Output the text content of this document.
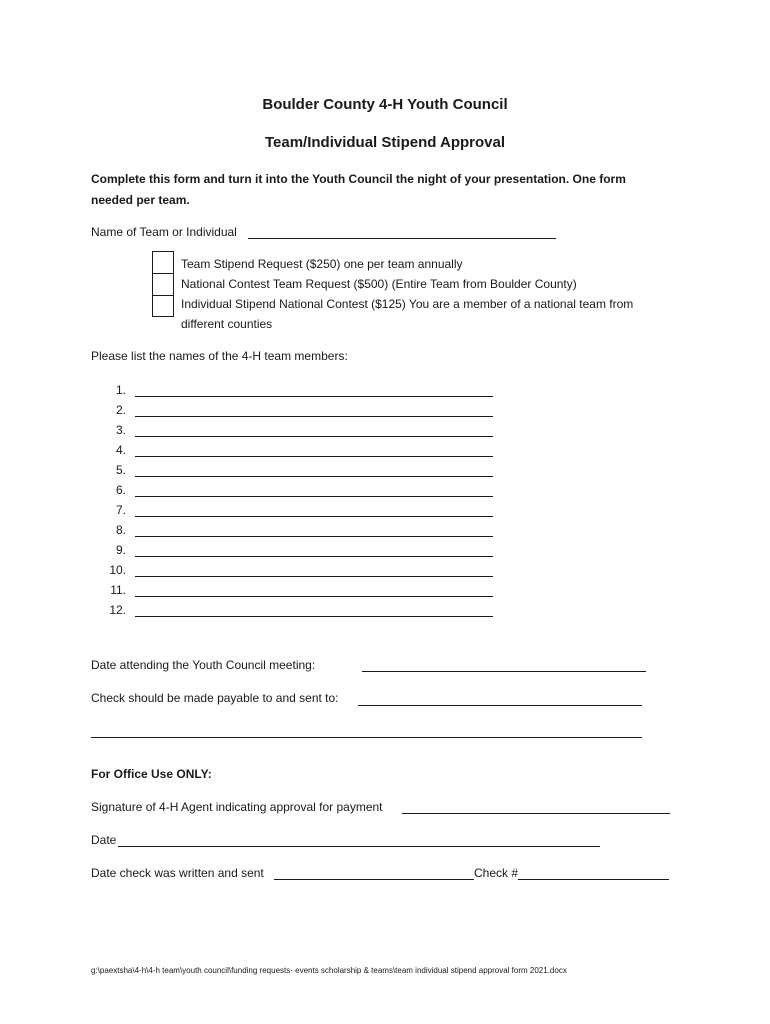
Boulder County 4-H Youth Council
Team/Individual Stipend Approval
Complete this form and turn it into the Youth Council the night of your presentation. One form needed per team.
Name of Team or Individual
Team Stipend Request ($250) one per team annually
National Contest Team Request ($500) (Entire Team from Boulder County)
Individual Stipend National Contest ($125) You are a member of a national team from
different counties
Please list the names of the 4-H team members:
1.
2.
3.
4.
5.
6.
7.
8.
9.
10.
11.
12.
Date attending the Youth Council meeting:
Check should be made payable to and sent to:
For Office Use ONLY:
Signature of 4-H Agent indicating approval for payment
Date
Date check was written and sent	Check #
g:\paextsha\4-h\4-h team\youth council\funding requests- events scholarship & teams\team individual stipend approval form 2021.docx
